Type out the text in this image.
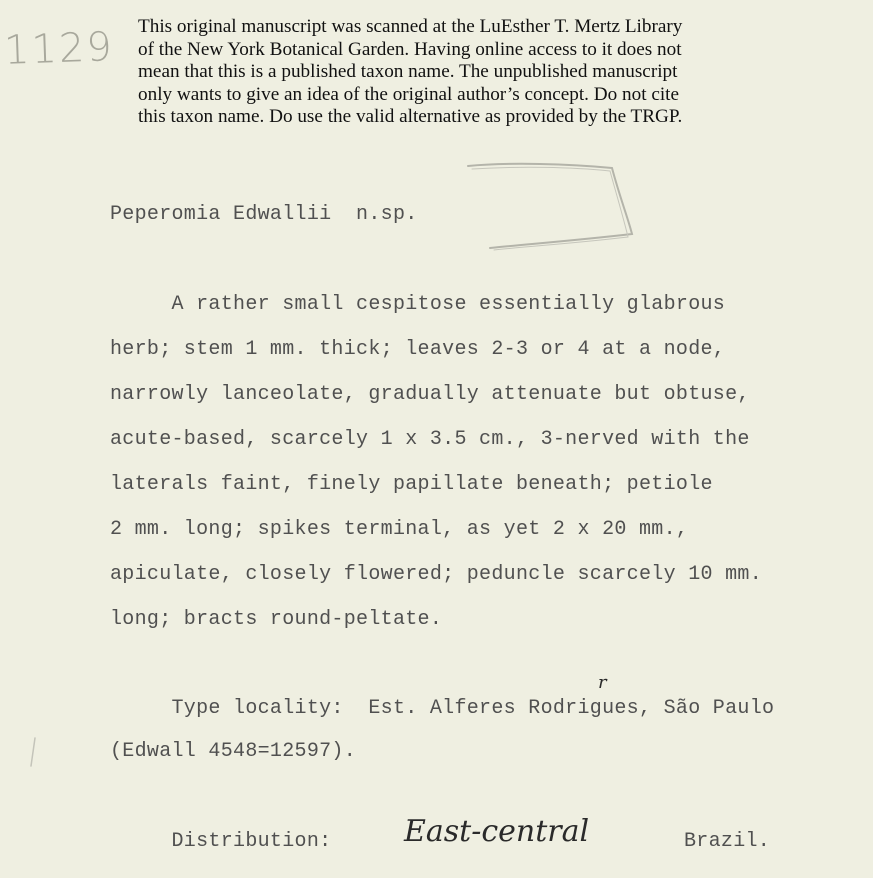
1129 This original manuscript was scanned at the LuEsther T. Mertz Library
of the New York Botanical Garden. Having online access to it does not
mean that this is a published taxon name. The unpublished manuscript
only wants to give an idea of the original author’s concept. Do not cite
this taxon name. Do use the valid alternative as provided by the TRGP.
Peperomia Edwallii  n.sp.
A rather small cespitose essentially glabrous
herb; stem 1 mm. thick; leaves 2-3 or 4 at a node,
narrowly lanceolate, gradually attenuate but obtuse,
acute-based, scarcely 1 x 3.5 cm., 3-nerved with the
laterals faint, finely papillate beneath; petiole
2 mm. long; spikes terminal, as yet 2 x 20 mm.,
apiculate, closely flowered; peduncle scarcely 10 mm.
long; bracts round-peltate.
r
Type locality:  Est. Alferes Rodrigues, São Paulo
(Edwall 4548=12597).
Distribution: East-central	Brazil.
